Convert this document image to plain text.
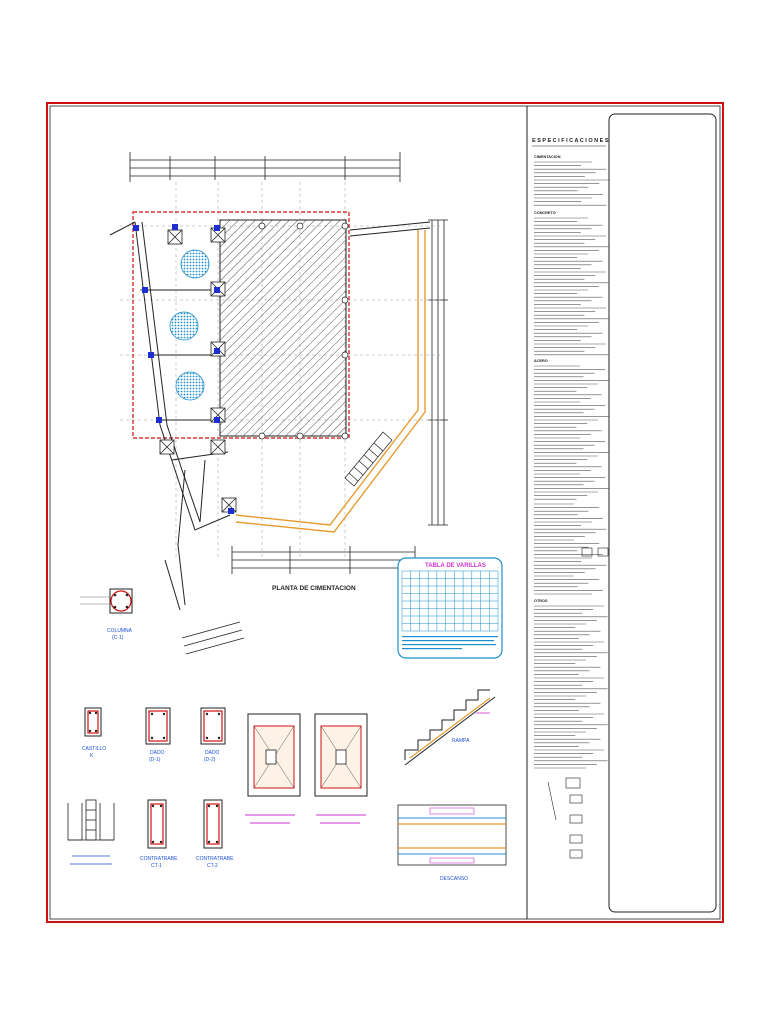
PLANTA DE CIMENTACION
TABLA DE VARILLAS
COLUMNA
(C-1)
CASTILLO
K	DADO
(D-1)
DADO
(D-2)
CONTRATRABE
CT-1
CONTRATRABE
CT-2
RAMPA
DESCANSO
E S P E C I F I C A C I O N E S
CIMENTACION
CONCRETO
ACERO
OTROS
